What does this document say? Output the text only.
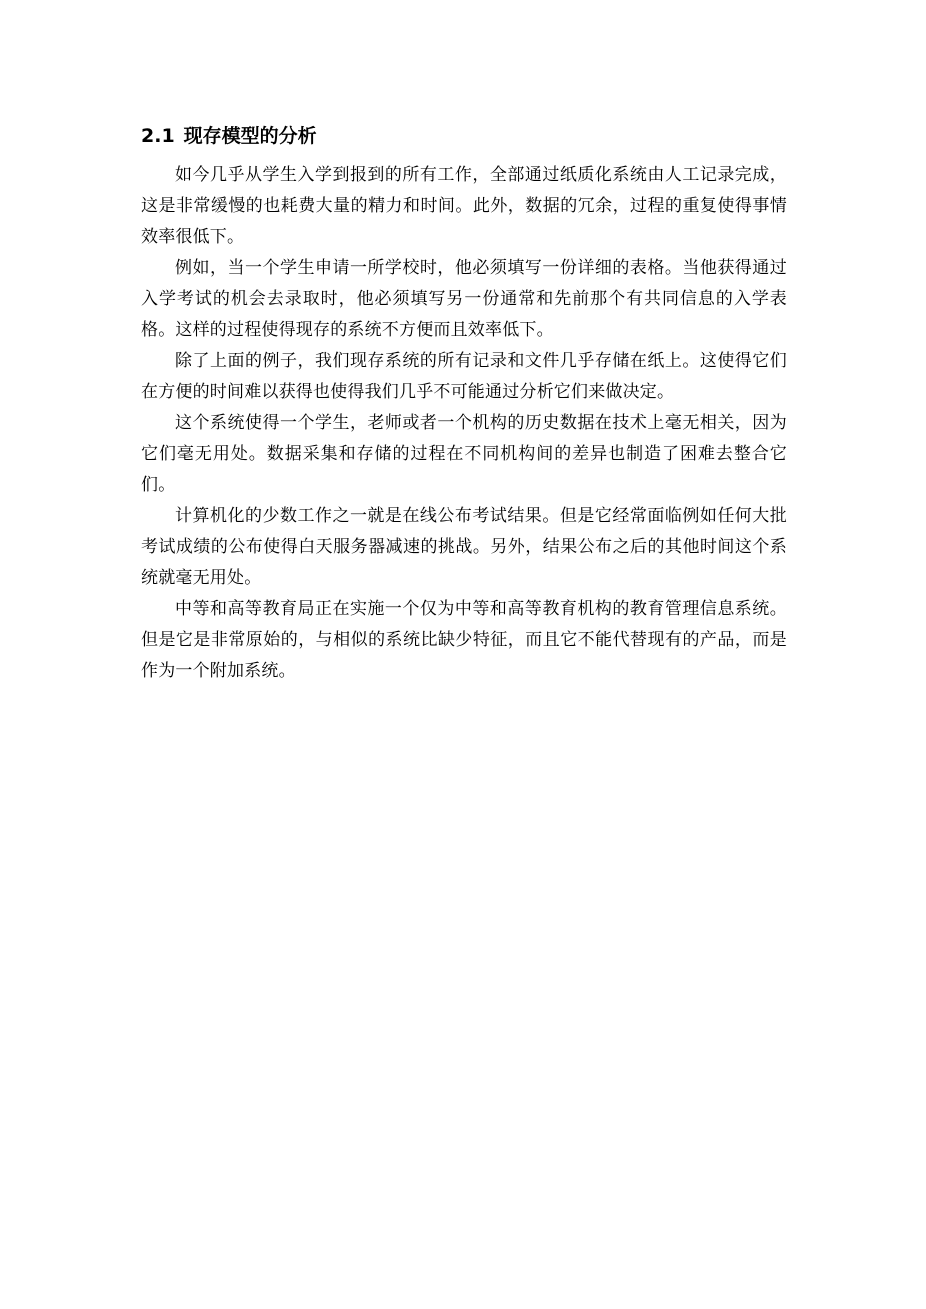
2.1 现存模型的分析

如今几乎从学生入学到报到的所有工作，全部通过纸质化系统由人工记录完成，这是非常缓慢的也耗费大量的精力和时间。此外，数据的冗余，过程的重复使得事情效率很低下。

例如，当一个学生申请一所学校时，他必须填写一份详细的表格。当他获得通过入学考试的机会去录取时，他必须填写另一份通常和先前那个有共同信息的入学表格。这样的过程使得现存的系统不方便而且效率低下。

除了上面的例子，我们现存系统的所有记录和文件几乎存储在纸上。这使得它们在方便的时间难以获得也使得我们几乎不可能通过分析它们来做决定。

这个系统使得一个学生，老师或者一个机构的历史数据在技术上毫无相关，因为它们毫无用处。数据采集和存储的过程在不同机构间的差异也制造了困难去整合它们。

计算机化的少数工作之一就是在线公布考试结果。但是它经常面临例如任何大批考试成绩的公布使得白天服务器减速的挑战。另外，结果公布之后的其他时间这个系统就毫无用处。

中等和高等教育局正在实施一个仅为中等和高等教育机构的教育管理信息系统。但是它是非常原始的，与相似的系统比缺少特征，而且它不能代替现有的产品，而是作为一个附加系统。
